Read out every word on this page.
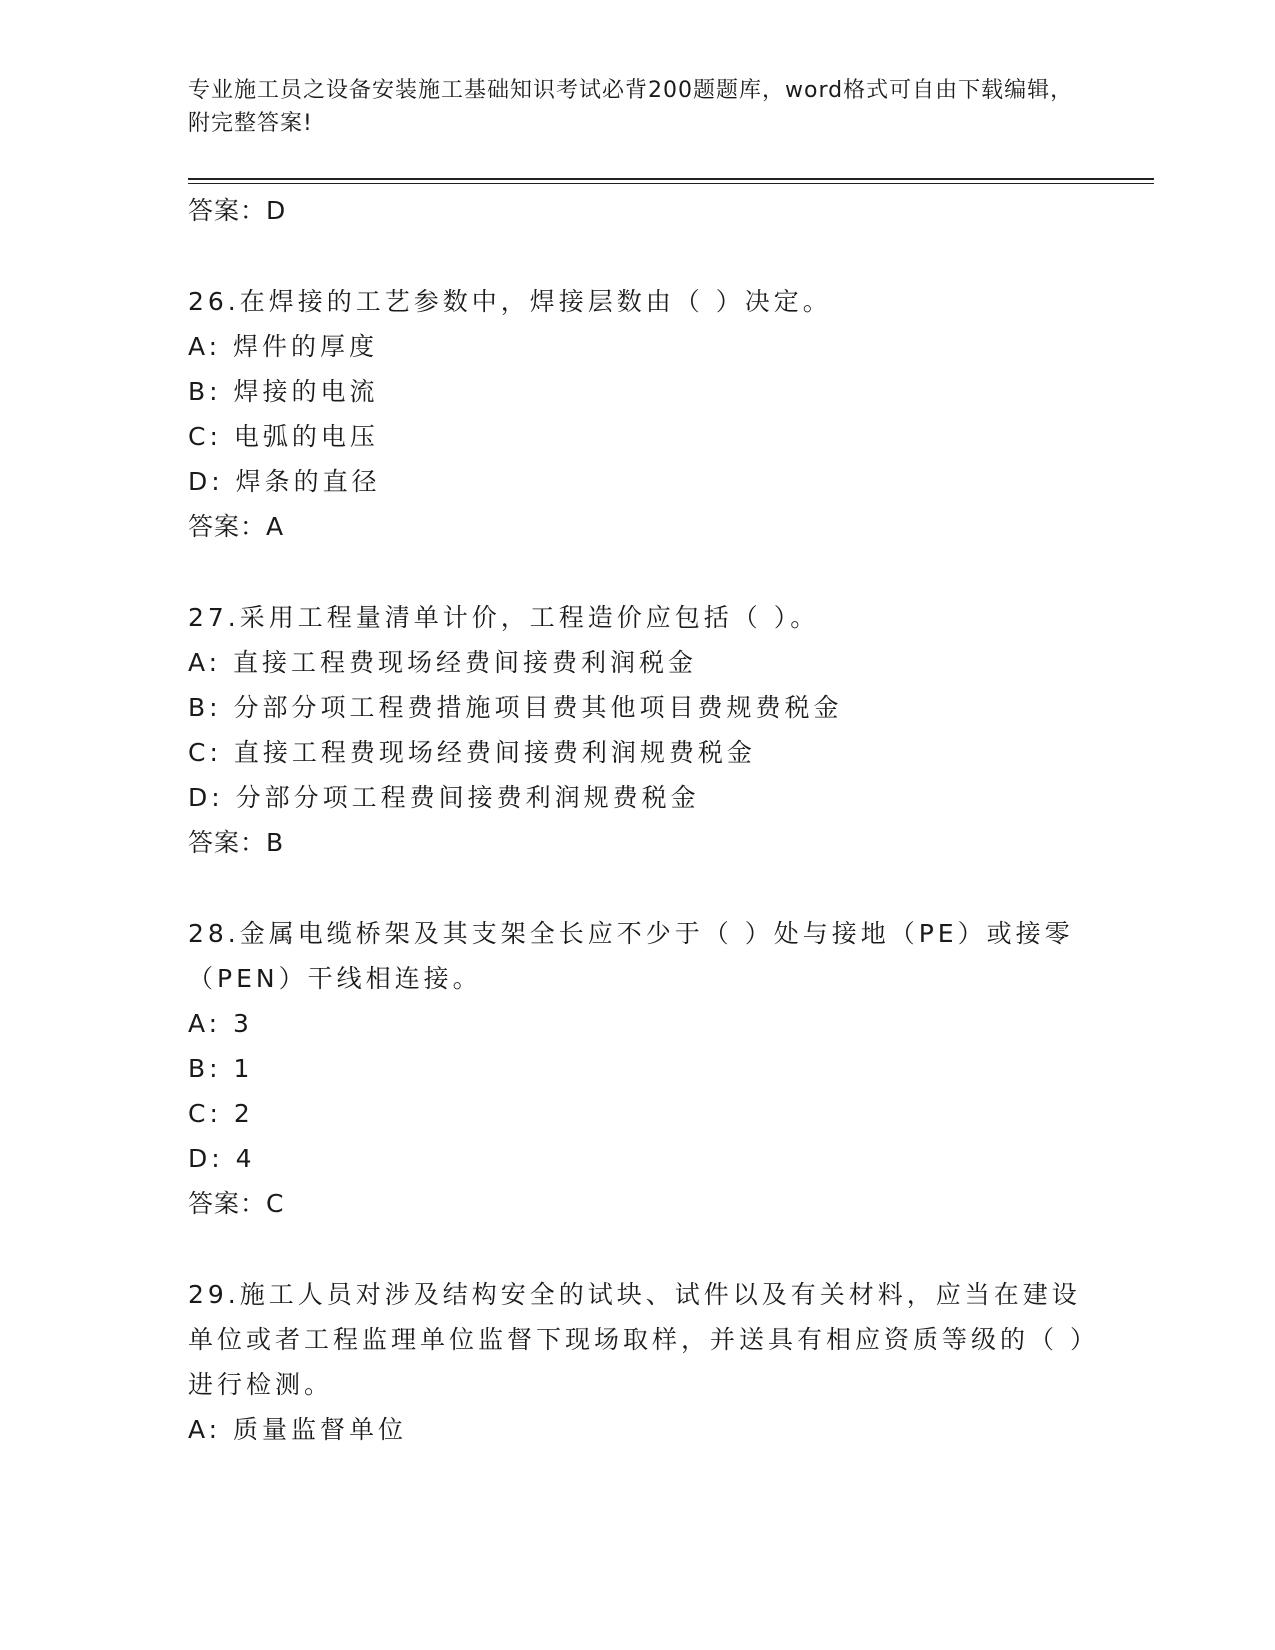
专业施工员之设备安装施工基础知识考试必背200题题库，word格式可自由下载编辑，附完整答案!
答案：D
26.在焊接的工艺参数中，焊接层数由（ ）决定。
A: 焊件的厚度
B: 焊接的电流
C: 电弧的电压
D: 焊条的直径
答案：A
27.采用工程量清单计价，工程造价应包括（ ）。
A: 直接工程费现场经费间接费利润税金
B: 分部分项工程费措施项目费其他项目费规费税金
C: 直接工程费现场经费间接费利润规费税金
D: 分部分项工程费间接费利润规费税金
答案：B
28.金属电缆桥架及其支架全长应不少于（ ）处与接地（PE）或接零（PEN）干线相连接。
A: 3
B: 1
C: 2
D: 4
答案：C
29.施工人员对涉及结构安全的试块、试件以及有关材料，应当在建设单位或者工程监理单位监督下现场取样，并送具有相应资质等级的（ ）进行检测。
A: 质量监督单位
